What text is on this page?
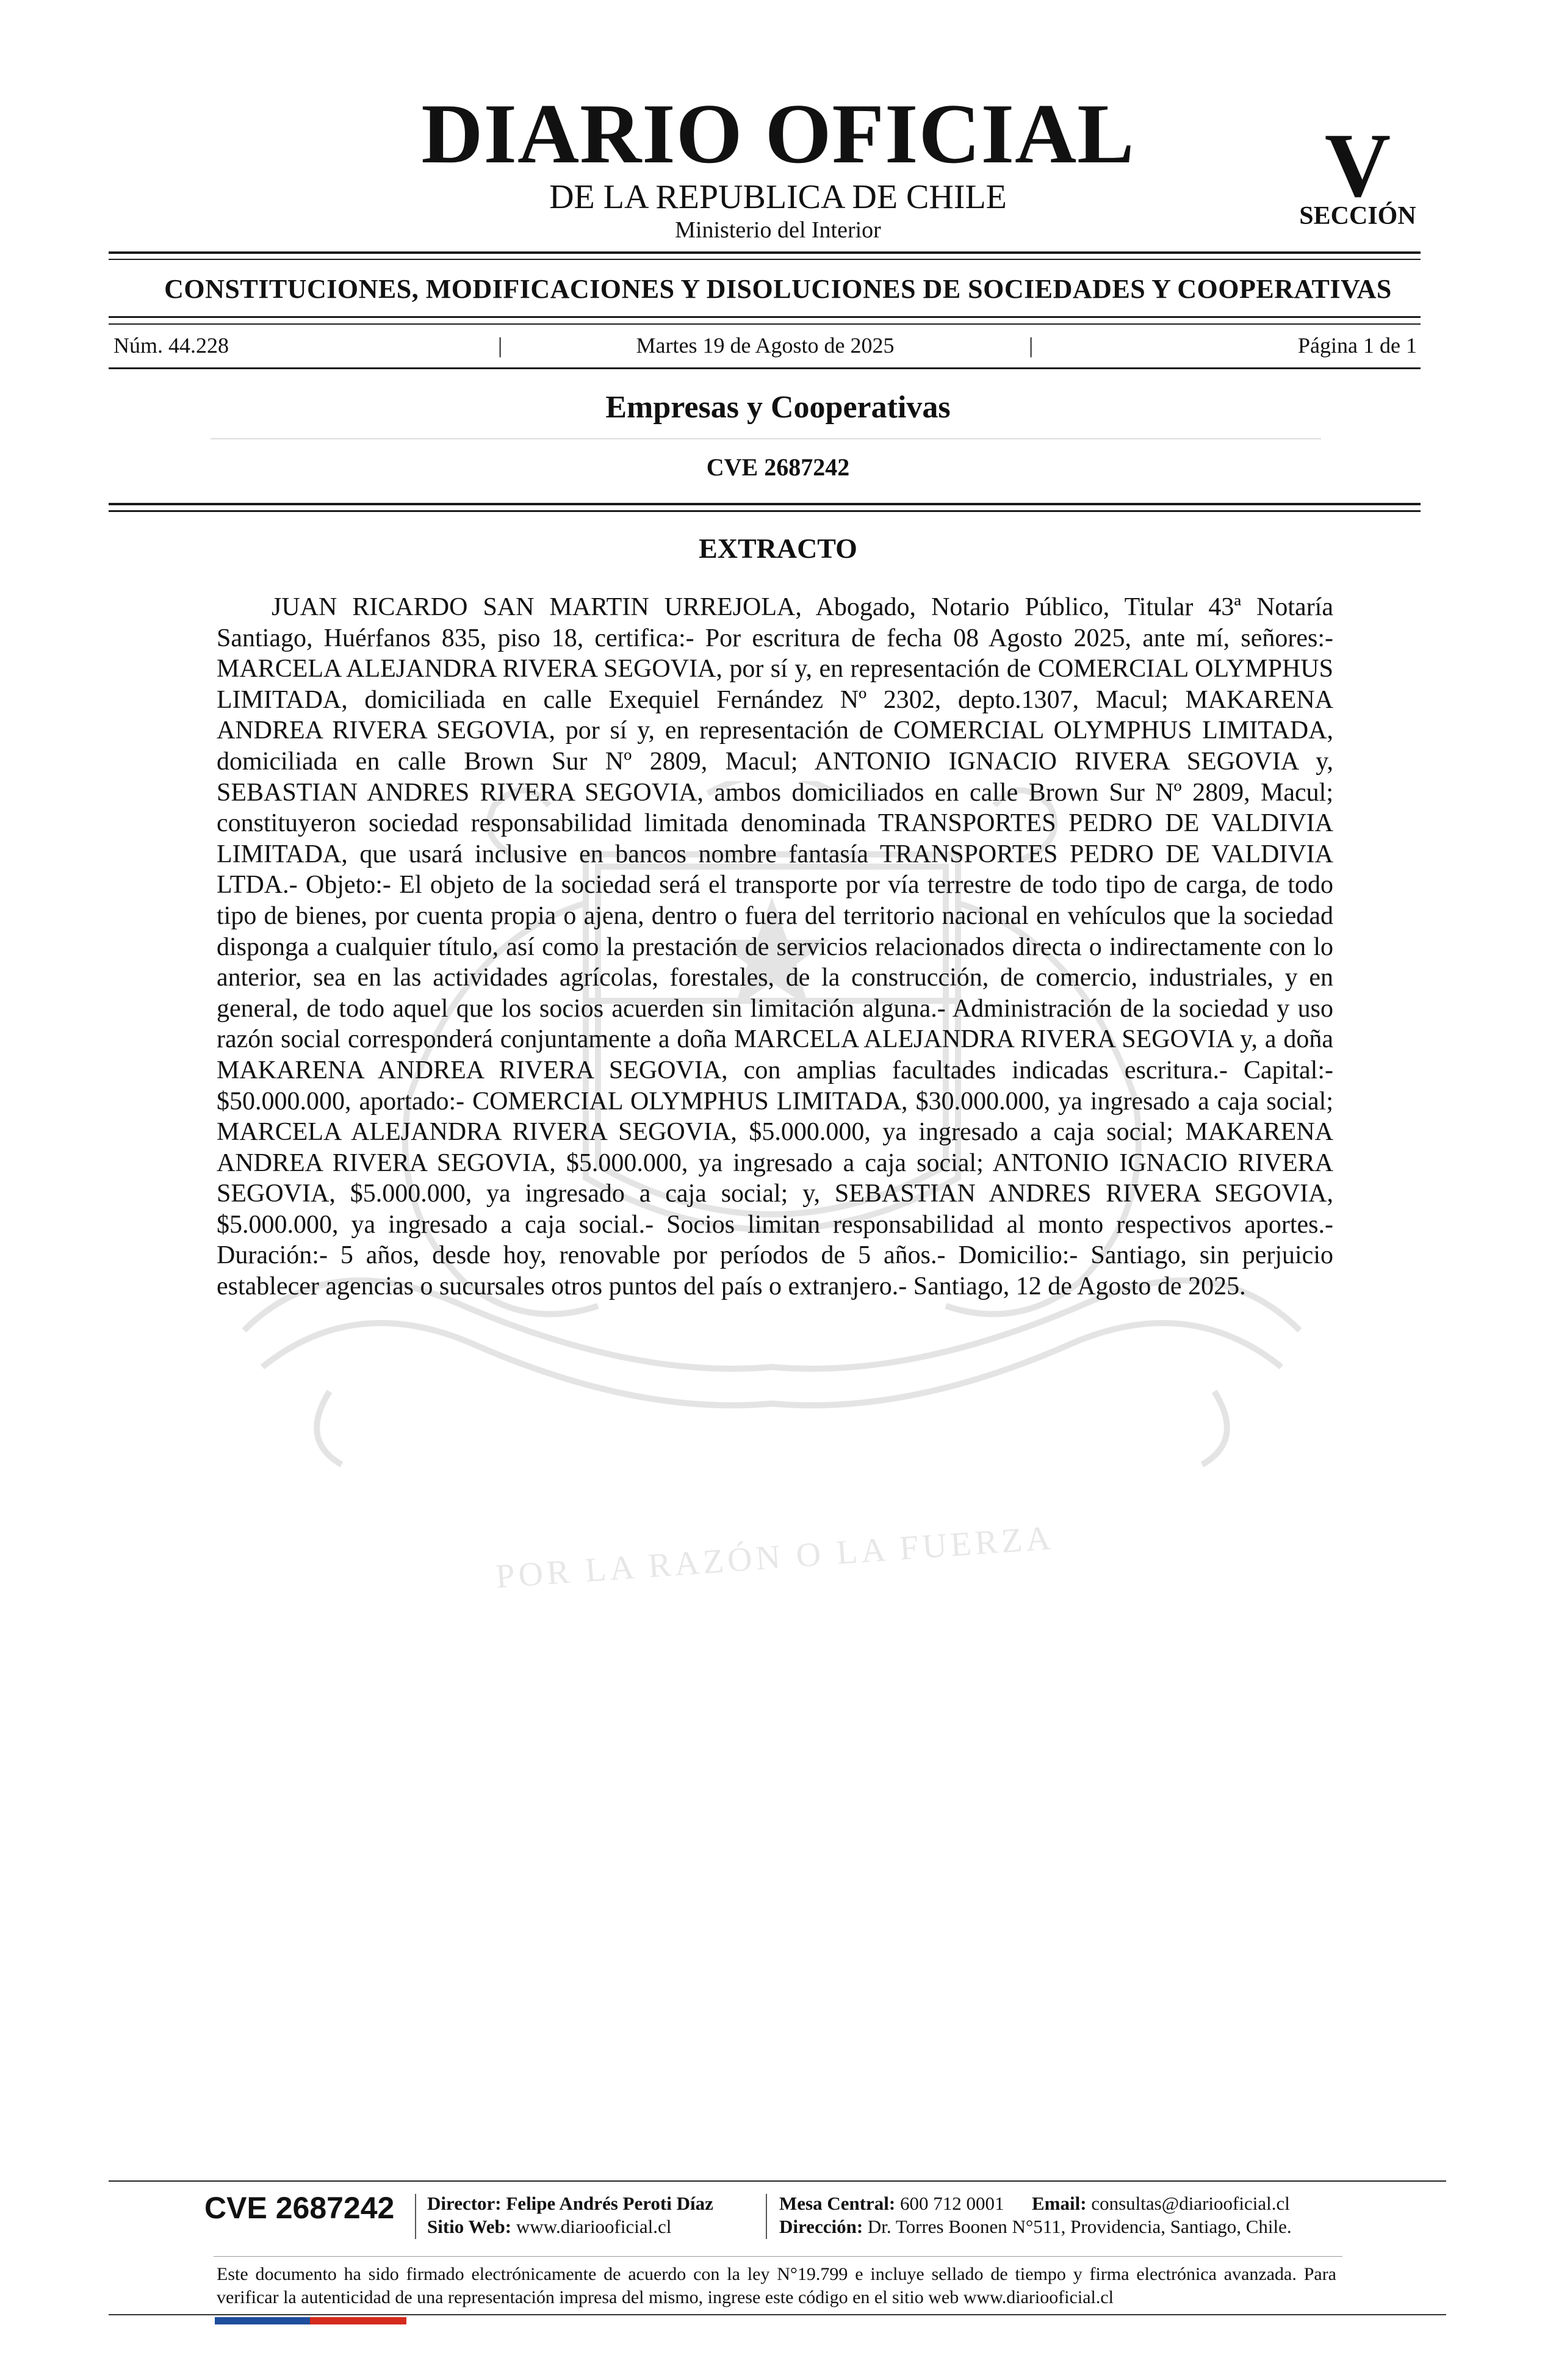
POR LA RAZÓN O LA FUERZA
DIARIO OFICIAL
DE LA REPUBLICA DE CHILE
Ministerio del Interior
V
SECCIÓN
CONSTITUCIONES, MODIFICACIONES Y DISOLUCIONES DE SOCIEDADES Y COOPERATIVAS
Núm. 44.228	|	Martes 19 de Agosto de 2025	|	Página 1 de 1
Empresas y Cooperativas
CVE 2687242
EXTRACTO

JUAN RICARDO SAN MARTIN URREJOLA, Abogado, Notario Público, Titular 43ª Notaría Santiago, Huérfanos 835, piso 18, certifica:- Por escritura de fecha 08 Agosto 2025, ante mí, señores:- MARCELA ALEJANDRA RIVERA SEGOVIA, por sí y, en representación de COMERCIAL OLYMPHUS LIMITADA, domiciliada en calle Exequiel Fernández Nº 2302, depto.1307, Macul; MAKARENA ANDREA RIVERA SEGOVIA, por sí y, en representación de COMERCIAL OLYMPHUS LIMITADA, domiciliada en calle Brown Sur Nº 2809, Macul; ANTONIO IGNACIO RIVERA SEGOVIA y, SEBASTIAN ANDRES RIVERA SEGOVIA, ambos domiciliados en calle Brown Sur Nº 2809, Macul; constituyeron sociedad responsabilidad limitada denominada TRANSPORTES PEDRO DE VALDIVIA LIMITADA, que usará inclusive en bancos nombre fantasía TRANSPORTES PEDRO DE VALDIVIA LTDA.- Objeto:- El objeto de la sociedad será el transporte por vía terrestre de todo tipo de carga, de todo tipo de bienes, por cuenta propia o ajena, dentro o fuera del territorio nacional en vehículos que la sociedad disponga a cualquier título, así como la prestación de servicios relacionados directa o indirectamente con lo anterior, sea en las actividades agrícolas, forestales, de la construcción, de comercio, industriales, y en general, de todo aquel que los socios acuerden sin limitación alguna.- Administración de la sociedad y uso razón social corresponderá conjuntamente a doña MARCELA ALEJANDRA RIVERA SEGOVIA y, a doña MAKARENA ANDREA RIVERA SEGOVIA, con amplias facultades indicadas escritura.- Capital:- $50.000.000, aportado:- COMERCIAL OLYMPHUS LIMITADA, $30.000.000, ya ingresado a caja social; MARCELA ALEJANDRA RIVERA SEGOVIA, $5.000.000, ya ingresado a caja social; MAKARENA ANDREA RIVERA SEGOVIA, $5.000.000, ya ingresado a caja social; ANTONIO IGNACIO RIVERA SEGOVIA, $5.000.000, ya ingresado a caja social; y, SEBASTIAN ANDRES RIVERA SEGOVIA, $5.000.000, ya ingresado a caja social.- Socios limitan responsabilidad al monto respectivos aportes.- Duración:- 5 años, desde hoy, renovable por períodos de 5 años.- Domicilio:- Santiago, sin perjuicio establecer agencias o sucursales otros puntos del país o extranjero.- Santiago, 12 de Agosto de 2025.

CVE 2687242 Director: Felipe Andrés Peroti Díaz
Sitio Web: www.diariooficial.cl
Mesa Central: 600 712 0001 Email: consultas@diariooficial.cl
Dirección: Dr. Torres Boonen N°511, Providencia, Santiago, Chile.

Este documento ha sido firmado electrónicamente de acuerdo con la ley N°19.799 e incluye sellado de tiempo y firma electrónica avanzada. Para verificar la autenticidad de una representación impresa del mismo, ingrese este código en el sitio web www.diariooficial.cl
